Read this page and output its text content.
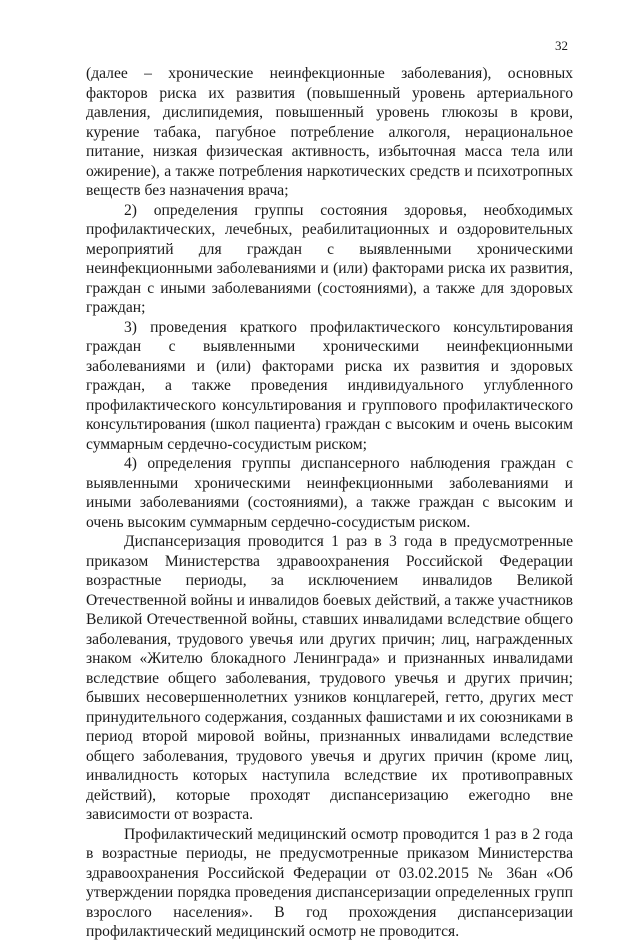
32

(далее – хронические неинфекционные заболевания), основных факторов риска их развития (повышенный уровень артериального давления, дислипидемия, повышенный уровень глюкозы в крови, курение табака, пагубное потребление алкоголя, нерациональное питание, низкая физическая активность, избыточная масса тела или ожирение), а также потребления наркотических средств и психотропных веществ без назначения врача;

2) определения группы состояния здоровья, необходимых профилактических, лечебных, реабилитационных и оздоровительных мероприятий для граждан с выявленными хроническими неинфекционными заболеваниями и (или) факторами риска их развития, граждан с иными заболеваниями (состояниями), а также для здоровых граждан;

3) проведения краткого профилактического консультирования граждан с выявленными хроническими неинфекционными заболеваниями и (или) факторами риска их развития и здоровых граждан, а также проведения индивидуального углубленного профилактического консультирования и группового профилактического консультирования (школ пациента) граждан с высоким и очень высоким суммарным сердечно-сосудистым риском;

4) определения группы диспансерного наблюдения граждан с выявленными хроническими неинфекционными заболеваниями и иными заболеваниями (состояниями), а также граждан с высоким и очень высоким суммарным сердечно-сосудистым риском.

Диспансеризация проводится 1 раз в 3 года в предусмотренные приказом Министерства здравоохранения Российской Федерации возрастные периоды, за исключением инвалидов Великой Отечественной войны и инвалидов боевых действий, а также участников Великой Отечественной войны, ставших инвалидами вследствие общего заболевания, трудового увечья или других причин; лиц, награжденных знаком «Жителю блокадного Ленинграда» и признанных инвалидами вследствие общего заболевания, трудового увечья и других причин; бывших несовершеннолетних узников концлагерей, гетто, других мест принудительного содержания, созданных фашистами и их союзниками в период второй мировой войны, признанных инвалидами вследствие общего заболевания, трудового увечья и других причин (кроме лиц, инвалидность которых наступила вследствие их противоправных действий), которые проходят диспансеризацию ежегодно вне зависимости от возраста.

Профилактический медицинский осмотр проводится 1 раз в 2 года в возрастные периоды, не предусмотренные приказом Министерства здравоохранения Российской Федерации от 03.02.2015 № 36ан «Об утверждении порядка проведения диспансеризации определенных групп взрослого населения». В год прохождения диспансеризации профилактический медицинский осмотр не проводится.
